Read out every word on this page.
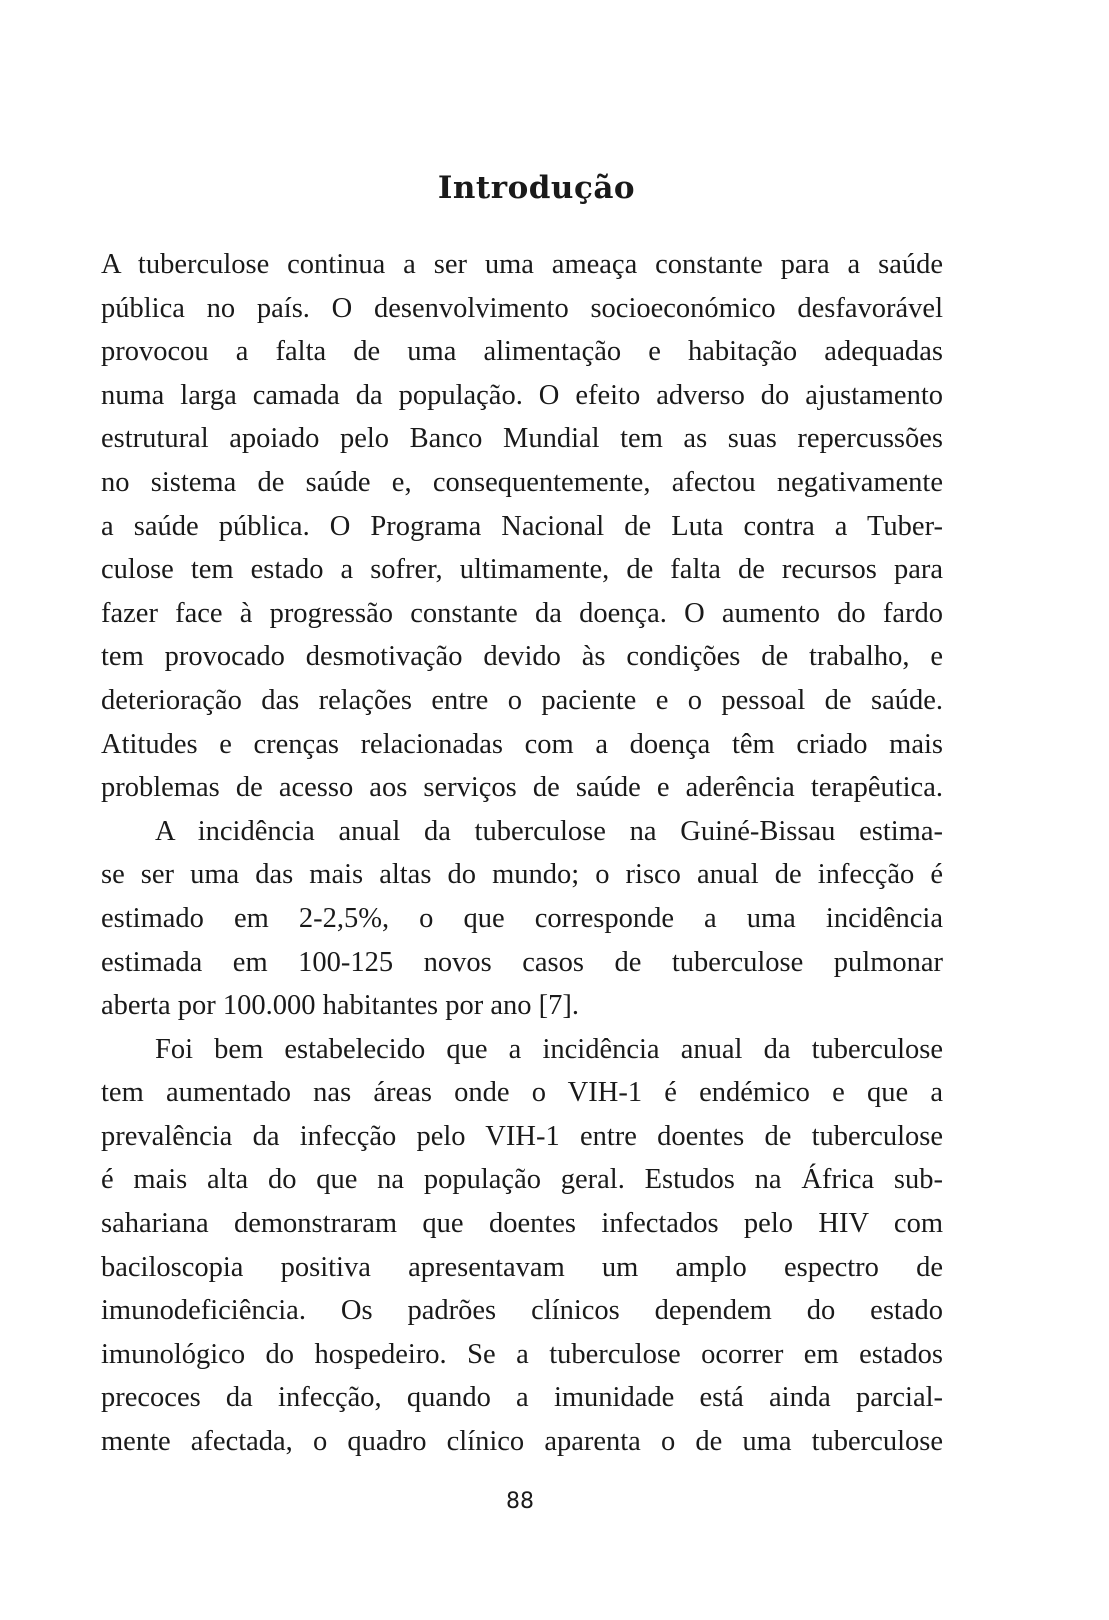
Introdução

A tuberculose continua a ser uma ameaça constante para a saúde
pública no país. O desenvolvimento socioeconómico desfavorável
provocou a falta de uma alimentação e habitação adequadas
numa larga camada da população. O efeito adverso do ajustamento
estrutural apoiado pelo Banco Mundial tem as suas repercussões
no sistema de saúde e, consequentemente, afectou negativamente
a saúde pública. O Programa Nacional de Luta contra a Tuber-
culose tem estado a sofrer, ultimamente, de falta de recursos para
fazer face à progressão constante da doença. O aumento do fardo
tem provocado desmotivação devido às condições de trabalho, e
deterioração das relações entre o paciente e o pessoal de saúde.
Atitudes e crenças relacionadas com a doença têm criado mais
problemas de acesso aos serviços de saúde e aderência terapêutica.

A incidência anual da tuberculose na Guiné-Bissau estima-
se ser uma das mais altas do mundo; o risco anual de infecção é
estimado em 2-2,5%, o que corresponde a uma incidência
estimada em 100-125 novos casos de tuberculose pulmonar
aberta por 100.000 habitantes por ano [7].

Foi bem estabelecido que a incidência anual da tuberculose
tem aumentado nas áreas onde o VIH-1 é endémico e que a
prevalência da infecção pelo VIH-1 entre doentes de tuberculose
é mais alta do que na população geral. Estudos na África sub-
sahariana demonstraram que doentes infectados pelo HIV com
baciloscopia positiva apresentavam um amplo espectro de
imunodeficiência. Os padrões clínicos dependem do estado
imunológico do hospedeiro. Se a tuberculose ocorrer em estados
precoces da infecção, quando a imunidade está ainda parcial-
mente afectada, o quadro clínico aparenta o de uma tuberculose

88
